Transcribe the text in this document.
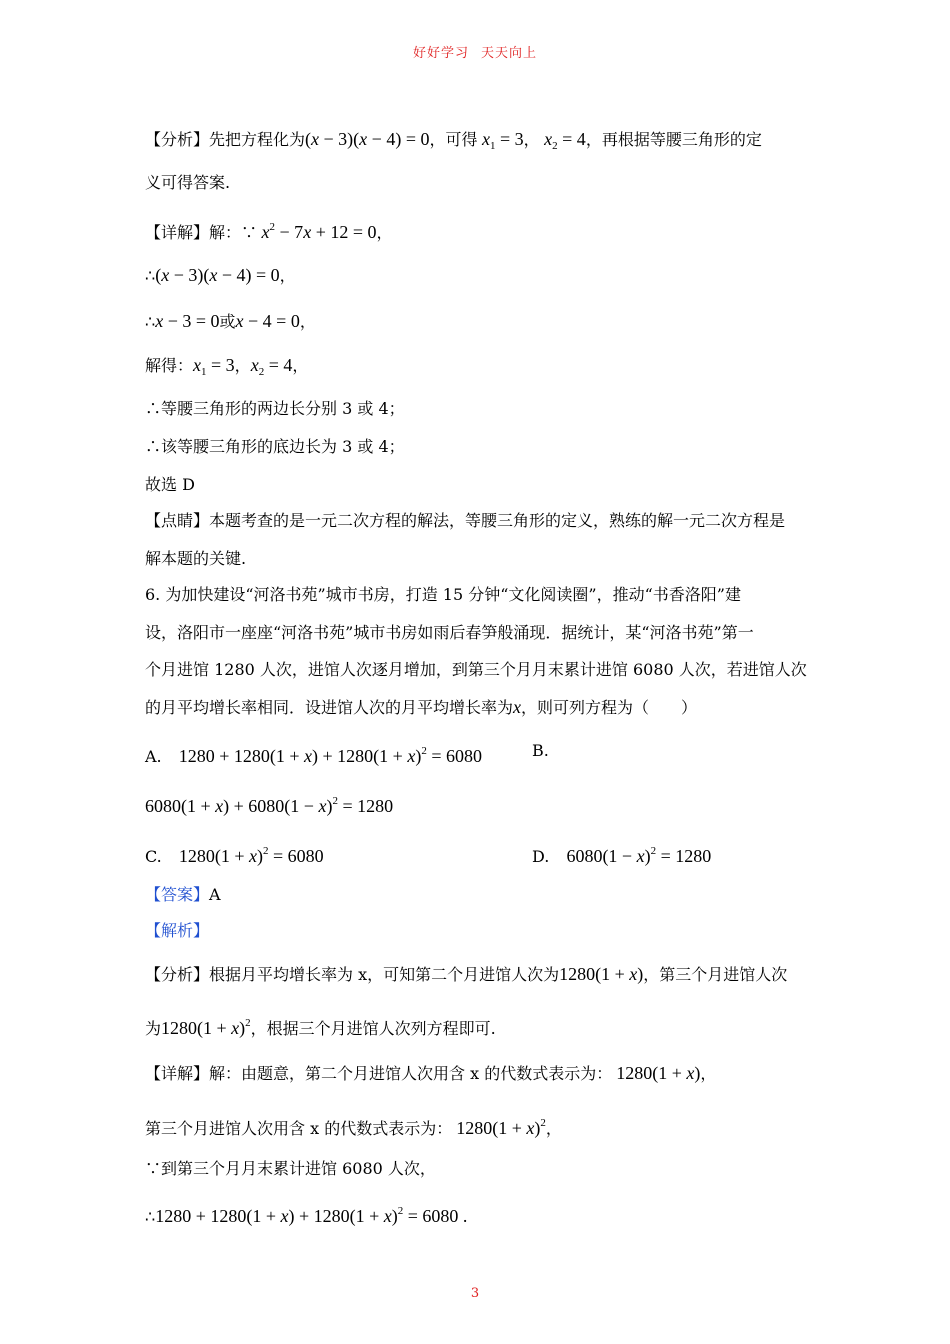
好好学习 天天向上
【分析】先把方程化为(x − 3)(x − 4) = 0，可得 $x_1 = 3$， $x_2 = 4$，再根据等腰三角形的定
义可得答案.
【详解】解：∵ $x^2 - 7x + 12 = 0$，
∴(x − 3)(x − 4) = 0，
∴x − 3 = 0或x − 4 = 0，
解得：$x_1 = 3$，$x_2 = 4$，
∴等腰三角形的两边长分别 3 或 4；
∴该等腰三角形的底边长为 3 或 4；
故选 D
【点睛】本题考查的是一元二次方程的解法，等腰三角形的定义，熟练的解一元二次方程是
解本题的关键.
6. 为加快建设“河洛书苑”城市书房，打造 15 分钟“文化阅读圈”，推动“书香洛阳”建
设，洛阳市一座座“河洛书苑”城市书房如雨后春笋般涌现．据统计，某“河洛书苑”第一
个月进馆 1280 人次，进馆人次逐月增加，到第三个月月末累计进馆 6080 人次，若进馆人次
的月平均增长率相同．设进馆人次的月平均增长率为x，则可列方程为（　　）
A. $1280 + 1280(1 + x) + 1280(1 + x)^2 = 6080$	B.
$6080(1 + x) + 6080(1 - x)^2 = 1280$
C. $1280(1 + x)^2 = 6080$	D. $6080(1 - x)^2 = 1280$
【答案】A
【解析】
【分析】根据月平均增长率为 x，可知第二个月进馆人次为1280(1 + x)，第三个月进馆人次
为$1280(1 + x)^2$，根据三个月进馆人次列方程即可.
【详解】解：由题意，第二个月进馆人次用含 x 的代数式表示为： 1280(1 + x)，
第三个月进馆人次用含 x 的代数式表示为： $1280(1 + x)^2$，
∵到第三个月月末累计进馆 6080 人次，
∴1280 + $1280(1 + x) + 1280(1 + x)^2 = 6080$ .
3
